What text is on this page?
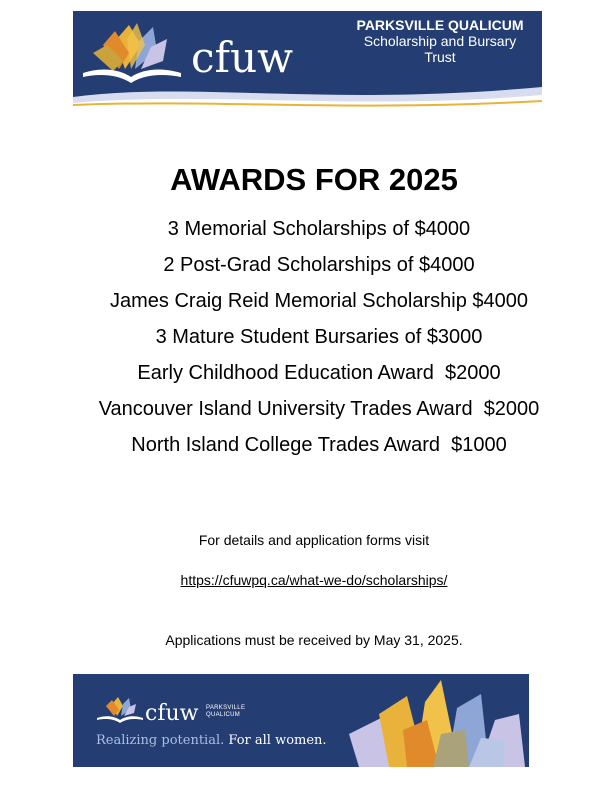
cfuw
PARKSVILLE QUALICUM
Scholarship and Bursary
Trust
AWARDS FOR 2025
3 Memorial Scholarships of $4000
2 Post-Grad Scholarships of $4000
James Craig Reid Memorial Scholarship $4000
3 Mature Student Bursaries of $3000
Early Childhood Education Award  $2000
Vancouver Island University Trades Award  $2000
North Island College Trades Award  $1000
For details and application forms visit
https://cfuwpq.ca/what-we-do/scholarships/
Applications must be received by May 31, 2025.
cfuw PARKSVILLE
QUALICUM
Realizing potential. For all women.
